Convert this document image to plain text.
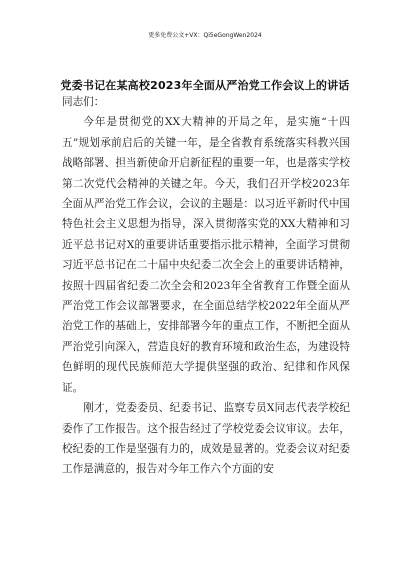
更多免费公文+VX：Qi5eGongWen2024
党委书记在某高校2023年全面从严治党工作会议上的讲话
同志们：

今年是贯彻党的XX大精神的开局之年，是实施“十四五”规划承前启后的关键一年，是全省教育系统落实科教兴国战略部署、担当新使命开启新征程的重要一年，也是落实学校第二次党代会精神的关键之年。今天，我们召开学校2023年全面从严治党工作会议，会议的主题是：以习近平新时代中国特色社会主义思想为指导，深入贯彻落实党的XX大精神和习近平总书记对X的重要讲话重要指示批示精神，全面学习贯彻习近平总书记在二十届中央纪委二次全会上的重要讲话精神，按照十四届省纪委二次全会和2023年全省教育工作暨全面从严治党工作会议部署要求，在全面总结学校2022年全面从严治党工作的基础上，安排部署今年的重点工作，不断把全面从严治党引向深入，营造良好的教育环境和政治生态，为建设特色鲜明的现代民族师范大学提供坚强的政治、纪律和作风保证。

刚才，党委委员、纪委书记、监察专员X同志代表学校纪委作了工作报告。这个报告经过了学校党委会议审议。去年，校纪委的工作是坚强有力的，成效是显著的。党委会议对纪委工作是满意的，报告对今年工作六个方面的安
